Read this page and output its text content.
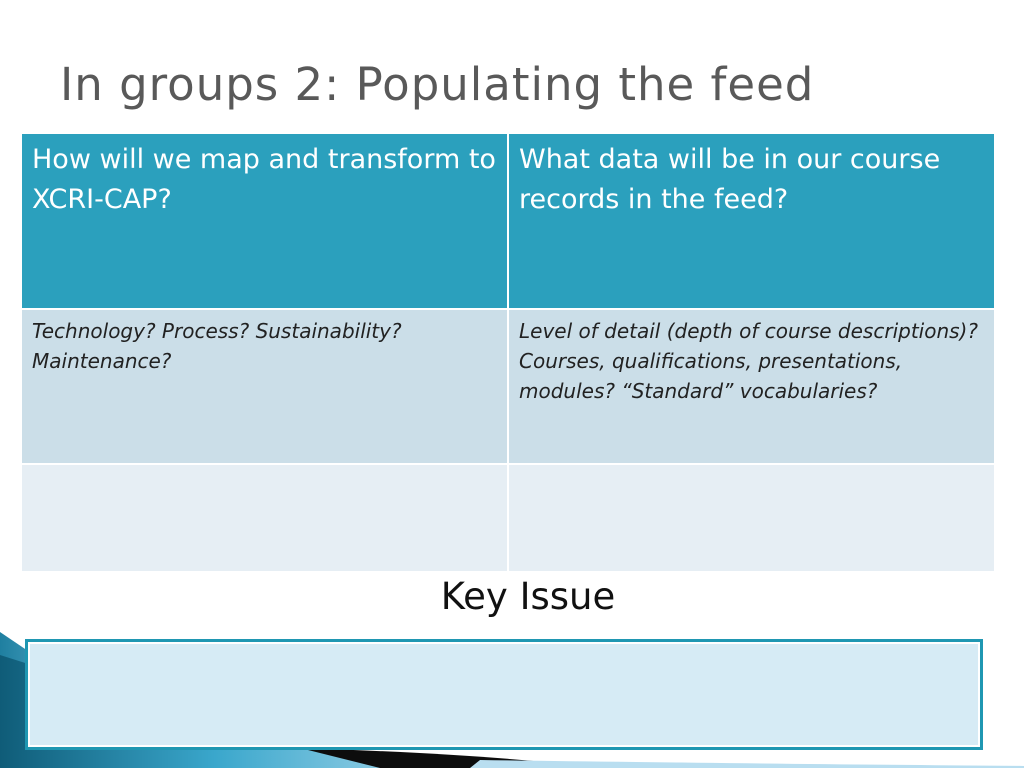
In groups 2: Populating the feed
How will we map and transform to XCRI-CAP?	What data will be in our course records in the feed?
Technology? Process? Sustainability? Maintenance?	Level of detail (depth of course descriptions)? Courses, qualifications, presentations, modules? “Standard” vocabularies?

Key Issue
